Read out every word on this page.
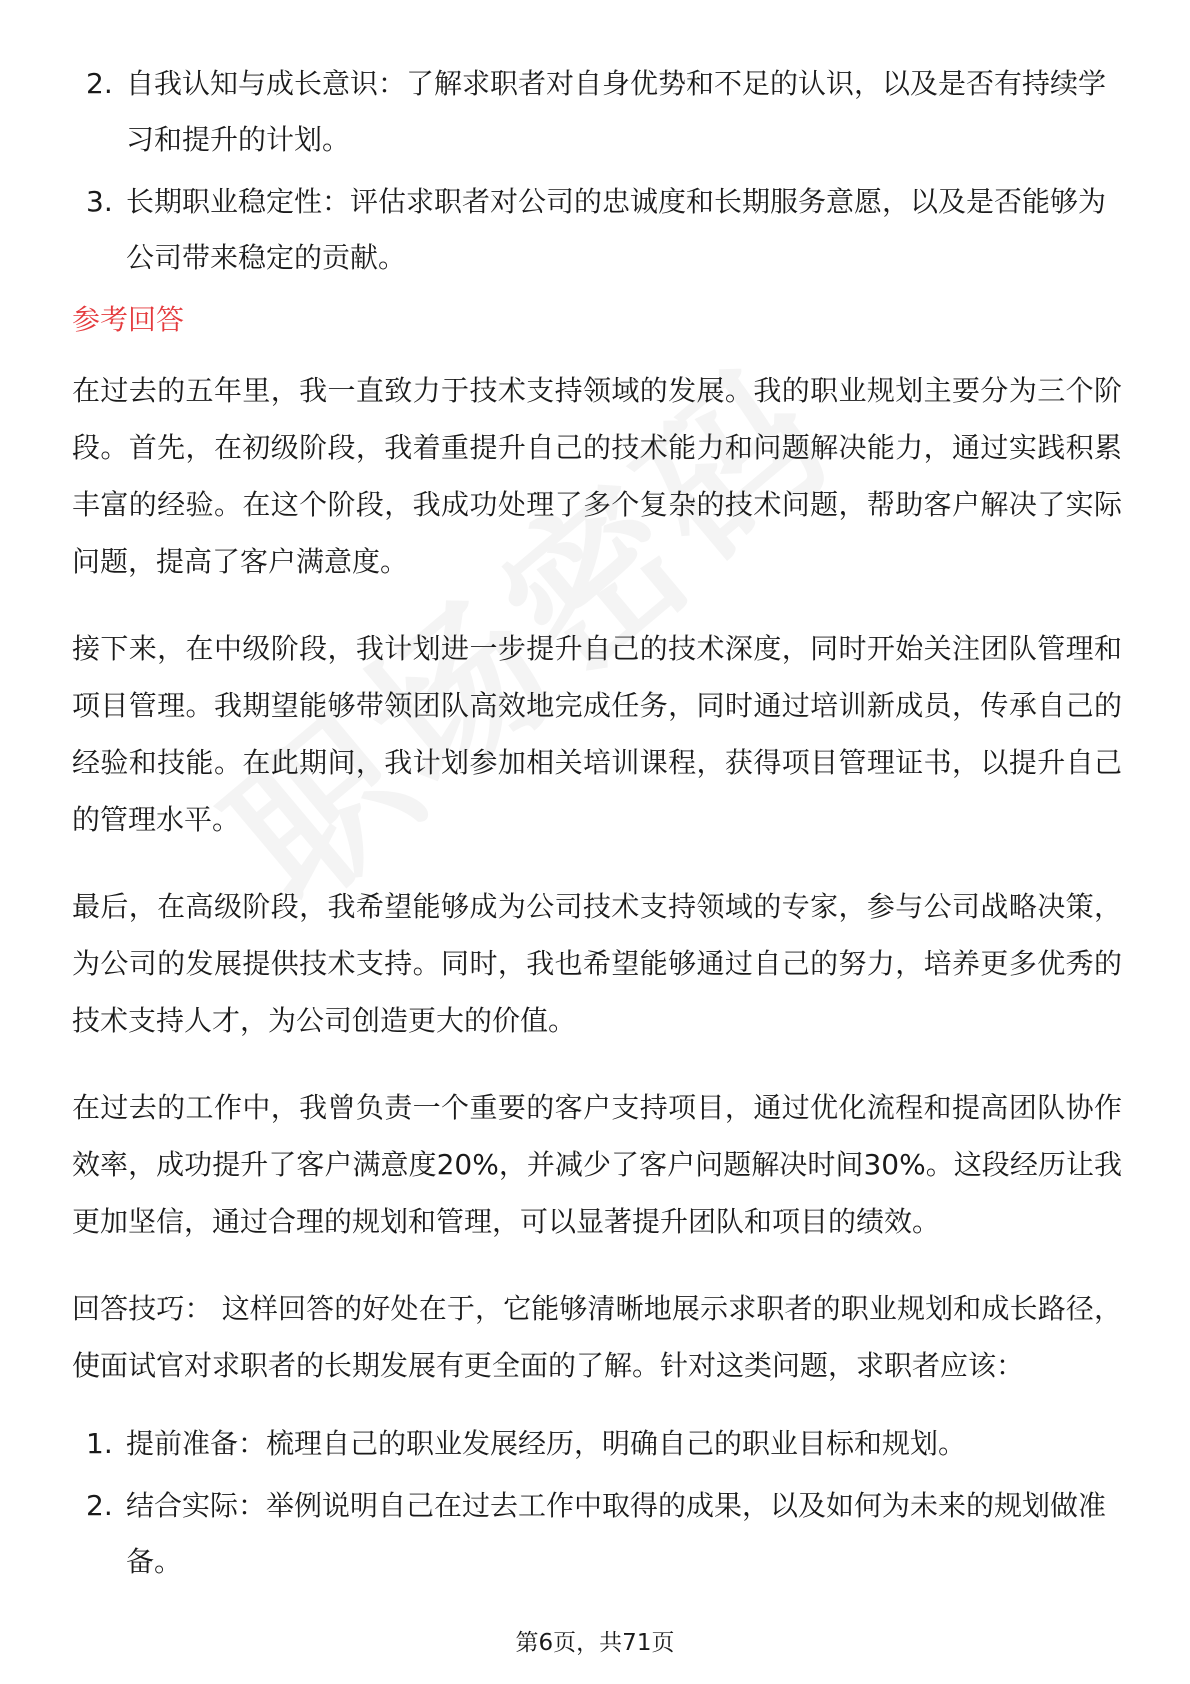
2. 自我认知与成长意识：了解求职者对自身优势和不足的认识，以及是否有持续学习和提升的计划。
3. 长期职业稳定性：评估求职者对公司的忠诚度和长期服务意愿，以及是否能够为公司带来稳定的贡献。
参考回答

在过去的五年里，我一直致力于技术支持领域的发展。我的职业规划主要分为三个阶段。首先，在初级阶段，我着重提升自己的技术能力和问题解决能力，通过实践积累丰富的经验。在这个阶段，我成功处理了多个复杂的技术问题，帮助客户解决了实际问题，提高了客户满意度。

接下来，在中级阶段，我计划进一步提升自己的技术深度，同时开始关注团队管理和项目管理。我期望能够带领团队高效地完成任务，同时通过培训新成员，传承自己的经验和技能。在此期间，我计划参加相关培训课程，获得项目管理证书，以提升自己的管理水平。

最后，在高级阶段，我希望能够成为公司技术支持领域的专家，参与公司战略决策，为公司的发展提供技术支持。同时，我也希望能够通过自己的努力，培养更多优秀的技术支持人才，为公司创造更大的价值。

在过去的工作中，我曾负责一个重要的客户支持项目，通过优化流程和提高团队协作效率，成功提升了客户满意度20%，并减少了客户问题解决时间30%。这段经历让我更加坚信，通过合理的规划和管理，可以显著提升团队和项目的绩效。

回答技巧： 这样回答的好处在于，它能够清晰地展示求职者的职业规划和成长路径，使面试官对求职者的长期发展有更全面的了解。针对这类问题，求职者应该：

1. 提前准备：梳理自己的职业发展经历，明确自己的职业目标和规划。
2. 结合实际：举例说明自己在过去工作中取得的成果，以及如何为未来的规划做准备。
第6页，共71页
